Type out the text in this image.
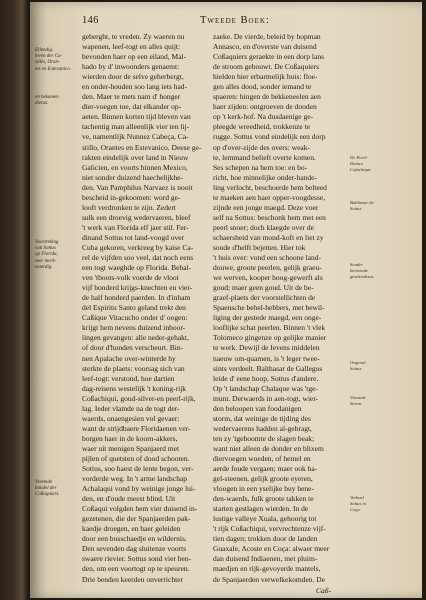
146	Tweede Boek:
geberght, te vreden. Zy waeren nu
wapenen, leef-togt en alles quijt:
bevonden haer op een eiland, Mal-
hado by d' inwoonders genaemt:
wierden door de selve geherbergt,
en onder-houden soo lang iets had-
den. Maer te mets nam d' honger
dier-voegen toe, dat elkander op-
aeten. Binnen korten tijd bleven van
tachentig man alleenlijk vier ten lij-
ve, namentlijk Nunnez Cabeça, Ca-
stillo, Orantes en Estevanico. Deese ge-
rakten eindelijk over land in Nieuw
Galicien, en voorts binnen Mexico,
niet sonder duizend haechelijkhe-
den. Van Pamphilus Narvaez is nooit
bescheid in-gekoomen: word ge-
looft verdronken te zijn. Zedert
sulk een droevig wedervaeren, bleef
't werk van Florida elf jaer stil. Fer-
dinand Sottus tot land-voogd over
Cuba gekoren, verkreeg by kaise Ca-
rel de vijfden soo veel, dat noch eens
een togt waeghde op Florida. Behal-
ven 'tboots-volk voerde de vloot
vijf honderd krijgs-knechten en vier-
de half honderd paerden. In d'inham
del Espiritu Santo geland trekt den
Caßique Vitacucho onder d' oogen:
krijgt hem nevens duizend inboor-
lingen gevangen: alle neder-gehakt,
of door d'honden verscheurt. Bin-
nen Apalache over-winterde hy
sterkte de plaets: voorsag sich van
leef-togt: verstond, hoe dartien
dag-reisens westelijk 't koning-rijk
Coßachiqui, goud-silver-en peerl-rijk,
lag. Ieder vlamde na de togt der-
waerds, onaengesien vol gevaer:
want de strijdbaere Floridaenen ver-
borgen haer in de koorn-akkers,
waer uit menigen Spanjaerd met
pijlen of quetsten of dood schooten.
Sottus, soo haest de lente begon, ver-
vorderde weg. In 't arme landschap
Achalaqui vond hy weinige jonge lui-
den, en d'oude meest blind. Uit
Coßaqui volgden hem vier duisend in-
gezetenen, die der Spanjaerden pak-
kaedje droegen, en haer geleiden
door een bosschaedje en wildernis.
Den sevenden dag sluitenze voorts
swaere rievier. Sottus sond vier ben-
den, om een voortogt op te speuren.
Drie benden keerden onverrichter
zaeke. De vierde, beleid by hopman
Annasco, en d'overste van duisend
Coßaquiers geraekte in een dorp lans
de stroom gebouwt. De Coßaquiers
hielden hier erbarmelijk huis: floe-
gen alles dood, sonder iemand te
spaeren: hingen de bekkeneelen aen
haer zijden: ontgroeven de dooden
op 't kerk-hof. Na dusdaenige ge-
pleegde wreedheid, trokkenze te
rugge. Sottus vond eindelijk een dorp
op d'over-zijde des overs: weak-
te, lemmand belieft overte komen.
Ses schepen na hem toe: en bo-
richt, hoe minnelijke onder-hande-
ling verlocht, beschoerde hem belteed
te maeken aen haer opper-voogdesse,
zijnde een jonge maegd. Deze voer
self na Sottus: beschonk hem met een
peerl snoer; doch klaegde over de
schaersheid van mond-koft en liet zy
soude d'helft bejetten. Hier tok
't huis over: vond een schoone land-
douwe, groote peerlen, gelijk graeu-
we werven, kooper hoog-gewerft als
goud; maer geen goud. Uit de be-
graef-plaets der voorstellichten de
Spaensche behel-hebbers, met bewil-
liging der gestede maegd, een onge-
looflijke schat peerlen. Binnen 't vlek
Tolomeco gingenze op gelijke manier
te werk. Dewijl de Ievens middelen
naeuw om-quamen, is 't leger twee-
sints verdeelt. Balthasar de Gallegos
leide d' eene hoop, Sottus d'andere.
Op 't landschap Chalaque was 'tge-
munt. Derwaerds in aen-togt, wier-
den beloopen van foodanigen
storm, dat weinige de tijding des
wedervaerens hadden al-gebragt,
ten zy 'tgeboomte de slagen beak;
want niet alleen de donder en blixem
diervoegen woeden, of hemel en
aerde foude vergaen; maer ook ha-
gel-steenen, gelijk groote eyeren,
vloogen in een yselijke buy bene-
den-waerds, fulk groote takken te
starten gestlagen wierden. In de
lustige valleye Xuala, gehoorig tot
't rijk Coßachiqui, vervrechtenze vijf-
tien dagen; trokken door de landen
Guaxale, Acoste en Coça: alwaer meer
dan duisend Indiaenen, met pluim-
maedjen en rijk-gevoyerde mantels,
de Spanjaerden verwelkekomden. De
Ellendig.
leven der Ca-
stillo, Oran-
tes en Estevanico.
en bekomen
dienst.
Voortreking
van Sottus
op Florida,
seer merk-
waerdig.
Vreemde
handel der
Coßaquiers.
De Peerl-
Dames
Cofachiqui.
Balthasar de
Sottus.
Sonder
beroemde
geschiedenis.
Ongeval
Sottus.
Vreemde
Storm.
Verhael
Sottus in
Coça.
Caß-
